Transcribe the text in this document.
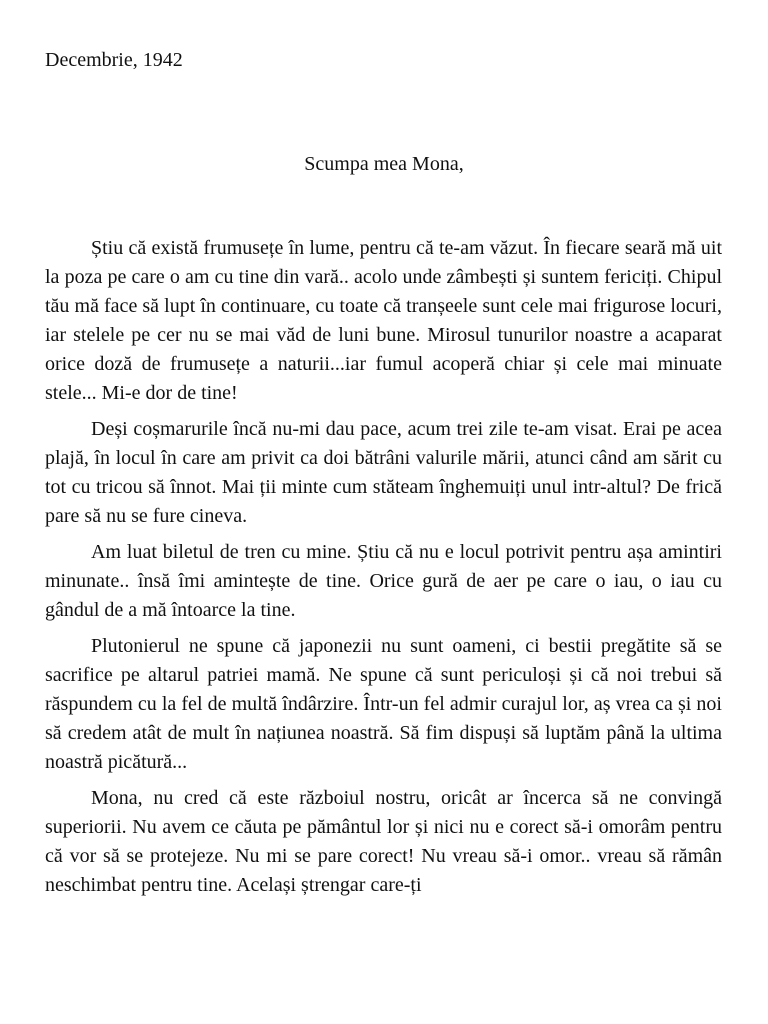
Decembrie, 1942

Scumpa mea Mona,

Știu că există frumusețe în lume, pentru că te-am văzut. În fiecare seară mă uit la poza pe care o am cu tine din vară.. acolo unde zâmbești și suntem fericiți. Chipul tău mă face să lupt în continuare, cu toate că tranșeele sunt cele mai frigurose locuri, iar stelele pe cer nu se mai văd de luni bune. Mirosul tunurilor noastre a acaparat orice doză de frumusețe a naturii...iar fumul acoperă chiar și cele mai minuate stele... Mi-e dor de tine!

Deși coșmarurile încă nu-mi dau pace, acum trei zile te-am visat. Erai pe acea plajă, în locul în care am privit ca doi bătrâni valurile mării, atunci când am sărit cu tot cu tricou să înnot. Mai ții minte cum stăteam înghemuiți unul intr-altul? De frică pare să nu se fure cineva.

Am luat biletul de tren cu mine. Știu că nu e locul potrivit pentru așa amintiri minunate.. însă îmi amintește de tine. Orice gură de aer pe care o iau, o iau cu gândul de a mă întoarce la tine.

Plutonierul ne spune că japonezii nu sunt oameni, ci bestii pregătite să se sacrifice pe altarul patriei mamă. Ne spune că sunt periculoși și că noi trebui să răspundem cu la fel de multă îndârzire. Într-un fel admir curajul lor, aș vrea ca și noi să credem atât de mult în națiunea noastră. Să fim dispuși să luptăm până la ultima noastră picătură...

Mona, nu cred că este războiul nostru, oricât ar încerca să ne convingă superiorii. Nu avem ce căuta pe pământul lor și nici nu e corect să-i omorâm pentru că vor să se protejeze. Nu mi se pare corect! Nu vreau să-i omor.. vreau să rămân neschimbat pentru tine. Același ștrengar care-ți
